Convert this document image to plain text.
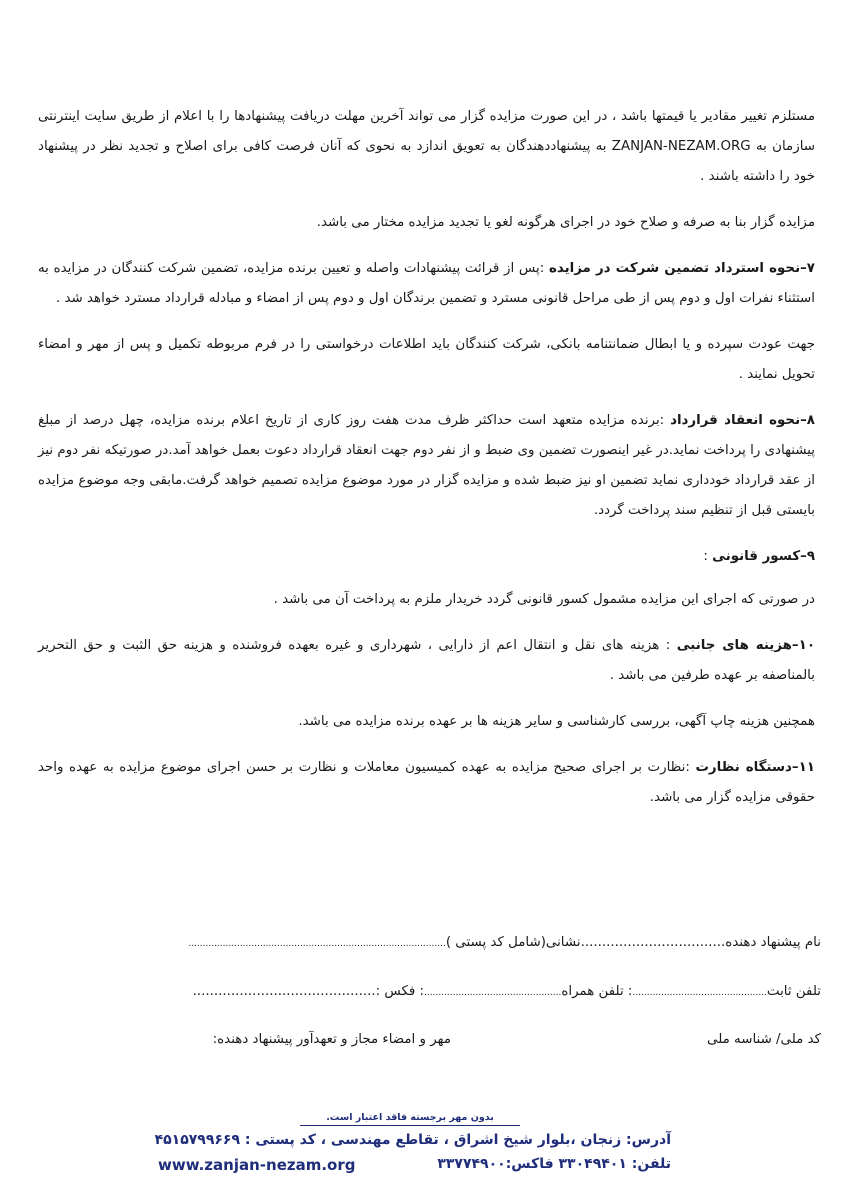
مستلزم تغییر مقادیر یا قیمتها باشد ، در این صورت مزایده گزار می تواند آخرین مهلت دریافت پیشنهادها را با اعلام از طریق سایت اینترنتی سازمان به ZANJAN-NEZAM.ORG به پیشنهاددهندگان به تعویق اندازد به نحوی که آنان فرصت کافی برای اصلاح و تجدید نظر در پیشنهاد خود را داشته باشند .

مزایده گزار بنا به صرفه و صلاح خود در اجرای هرگونه لغو یا تجدید مزایده مختار می باشد.

۷–نحوه استرداد تضمین شرکت در مزایده :پس از قرائت پیشنهادات واصله و تعیین برنده مزایده، تضمین شرکت کنندگان در مزایده به استثناء نفرات اول و دوم پس از طی مراحل قانونی مسترد و تضمین برندگان اول و دوم پس از امضاء و مبادله قرارداد مسترد خواهد شد .

جهت عودت سپرده و یا ابطال ضمانتنامه بانکی، شرکت کنندگان باید اطلاعات درخواستی را در فرم مربوطه تکمیل و پس از مهر و امضاء تحویل نمایند .

۸–نحوه انعقاد قرارداد :برنده مزایده متعهد است حداکثر ظرف مدت هفت روز کاری از تاریخ اعلام برنده مزایده، چهل درصد از مبلغ پیشنهادی را پرداخت نماید.در غیر اینصورت تضمین وی ضبط و از نفر دوم جهت انعقاد قرارداد دعوت بعمل خواهد آمد.در صورتیکه نفر دوم نیز از عقد قرارداد خودداری نماید تضمین او نیز ضبط شده و مزایده گزار در مورد موضوع مزایده تصمیم خواهد گرفت.مابقی وجه موضوع مزایده بایستی قبل از تنظیم سند پرداخت گردد.

۹–کسور قانونی :

در صورتی که اجرای این مزایده مشمول کسور قانونی گردد خریدار ملزم به پرداخت آن می باشد .

۱۰–هزینه های جانبی : هزینه های نقل و انتقال اعم از دارایی ، شهرداری و غیره بعهده فروشنده و هزینه حق الثبت و حق التحریر بالمناصفه بر عهده طرفین می باشد .

همچنین هزینه چاپ آگهی، بررسی کارشناسی و سایر هزینه ها بر عهده برنده مزایده می باشد.

۱۱–دستگاه نظارت :نظارت بر اجرای صحیح مزایده به عهده کمیسیون معاملات و نظارت بر حسن اجرای موضوع مزایده به عهده واحد حقوقی مزایده گزار می باشد.

نام پیشنهاد دهنده..................................نشانی(شامل کد پستی )..........................................................................................
تلفن ثابت...............................................: تلفن همراه................................................: فکس :...........................................
کد ملی/ شناسه ملی
مهر و امضاء مجاز و تعهدآور پیشنهاد دهنده:
بدون مهر برجسته فاقد اعتبار است.
آدرس: زنجان ،بلوار شیخ اشراق ، تقاطع مهندسی ، کد پستی : ۴۵۱۵۷۹۹۶۶۹
تلفن: ۳۳۰۴۹۴۰۱ فاکس:۳۳۷۷۴۹۰۰
www.zanjan-nezam.org
